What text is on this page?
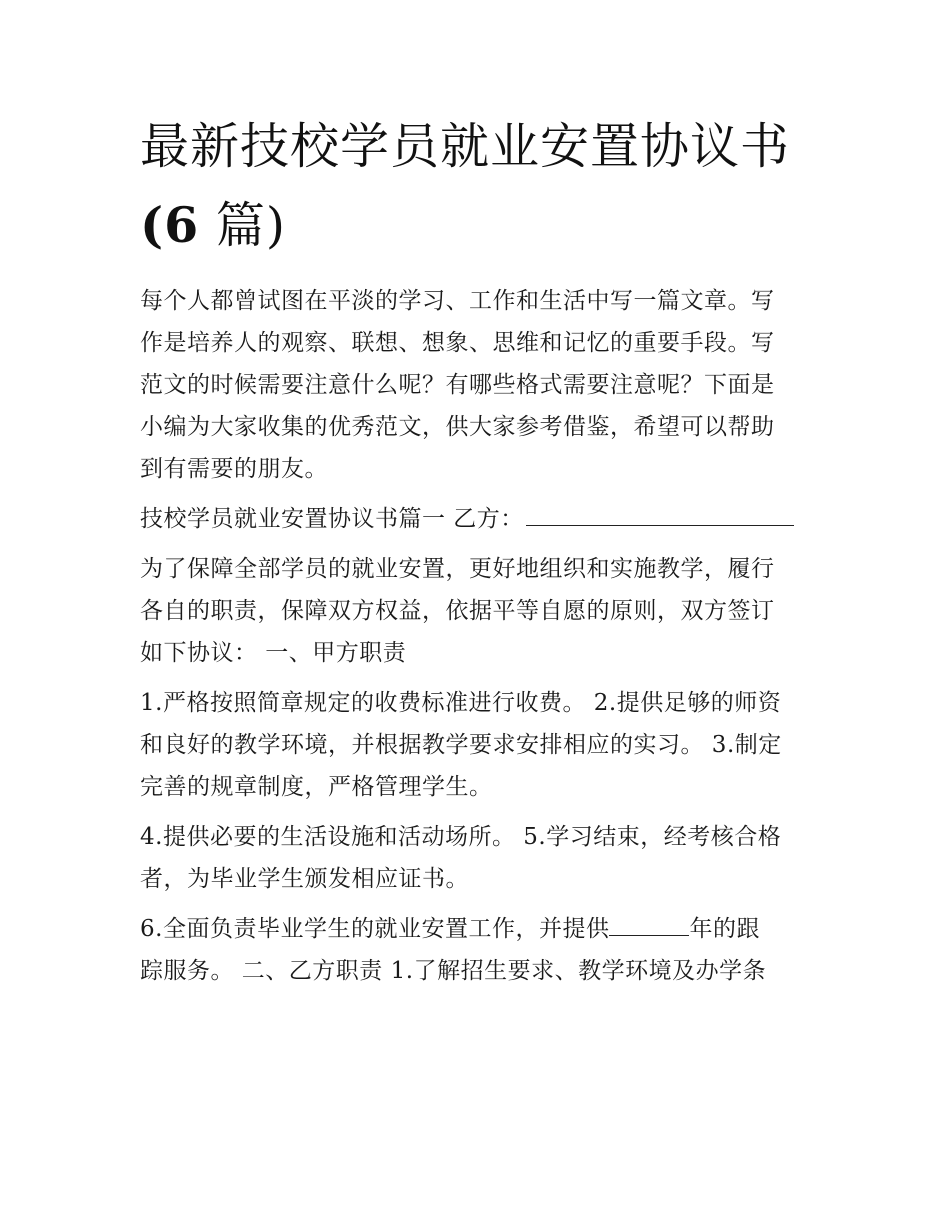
最新技校学员就业安置协议书
(6 篇)

每个人都曾试图在平淡的学习、工作和生活中写一篇文章。写

作是培养人的观察、联想、想象、思维和记忆的重要手段。写

范文的时候需要注意什么呢？有哪些格式需要注意呢？下面是

小编为大家收集的优秀范文，供大家参考借鉴，希望可以帮助

到有需要的朋友。

技校学员就业安置协议书篇一 乙方：

为了保障全部学员的就业安置，更好地组织和实施教学，履行

各自的职责，保障双方权益，依据平等自愿的原则，双方签订

如下协议： 一、甲方职责

1.严格按照简章规定的收费标准进行收费。 2.提供足够的师资

和良好的教学环境，并根据教学要求安排相应的实习。 3.制定

完善的规章制度，严格管理学生。

4.提供必要的生活设施和活动场所。 5.学习结束，经考核合格

者，为毕业学生颁发相应证书。

6.全面负责毕业学生的就业安置工作，并提供	年的跟

踪服务。 二、乙方职责 1.了解招生要求、教学环境及办学条
